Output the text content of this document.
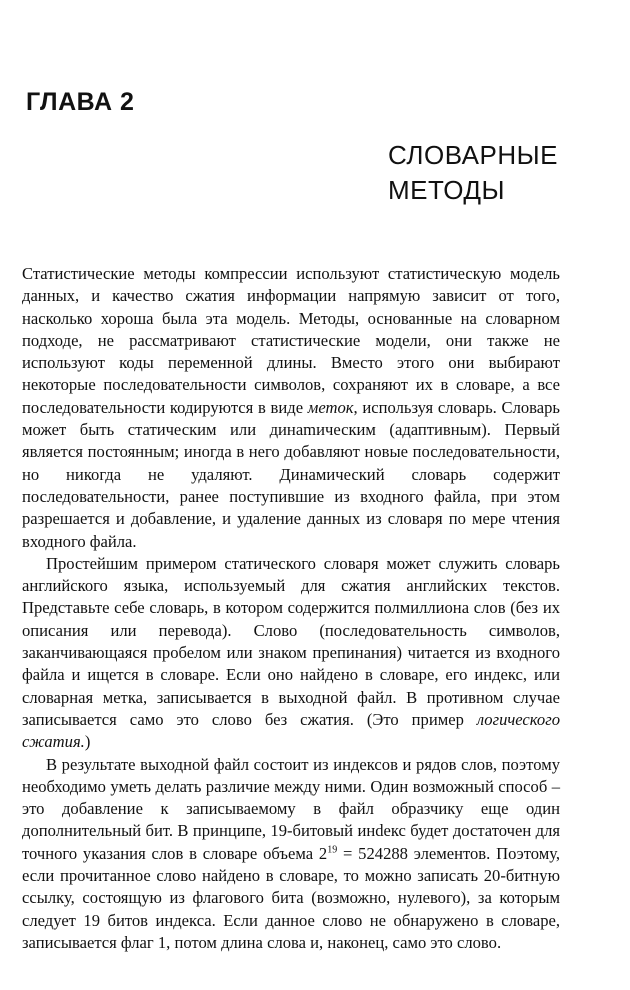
ГЛАВА 2
СЛОВАРНЫЕ
МЕТОДЫ

Статистические методы компрессии используют статистическую модель данных, и качество сжатия информации напрямую зависит от того, насколько хороша была эта модель. Методы, основанные на словарном подходе, не рассматривают статистические модели, они также не используют коды переменной длины. Вместо этого они выбирают некоторые последовательности символов, сохраняют их в словаре, а все последовательности кодируются в виде меток, используя словарь. Словарь может быть статическим или динаmическим (адаптивным). Первый является постоянным; иногда в него добавляют новые последовательности, но никогда не удаляют. Динамический словарь содержит последовательности, ранее поступившие из входного файла, при этом разрешается и добавление, и удаление данных из словаря по мере чтения входного файла.

Простейшим примером статического словаря может служить словарь английского языка, используемый для сжатия английских текстов. Представьте себе словарь, в котором содержится полмиллиона слов (без их описания или перевода). Слово (последовательность символов, заканчивающаяся пробелом или знаком препинания) читается из входного файла и ищется в словаре. Если оно найдено в словаре, его индекс, или словарная метка, записывается в выходной файл. В противном случае записывается само это слово без сжатия. (Это пример логического сжатия.)

В результате выходной файл состоит из индексов и рядов слов, поэтому необходимо уметь делать различие между ними. Один возможный способ – это добавление к записываемому в файл образчику еще один дополнительный бит. В принципе, 19-битовый инdекс будет достаточен для точного указания слов в словаре объема $2^{19} = 524288$ элементов. Поэтому, если прочитанное слово найдено в словаре, то можно записать 20-битную ссылку, состоящую из флагового бита (возможно, нулевого), за которым следует 19 битов индекса. Если данное слово не обнаружено в словаре, записывается флаг 1, потом длина слова и, наконец, само это слово.
